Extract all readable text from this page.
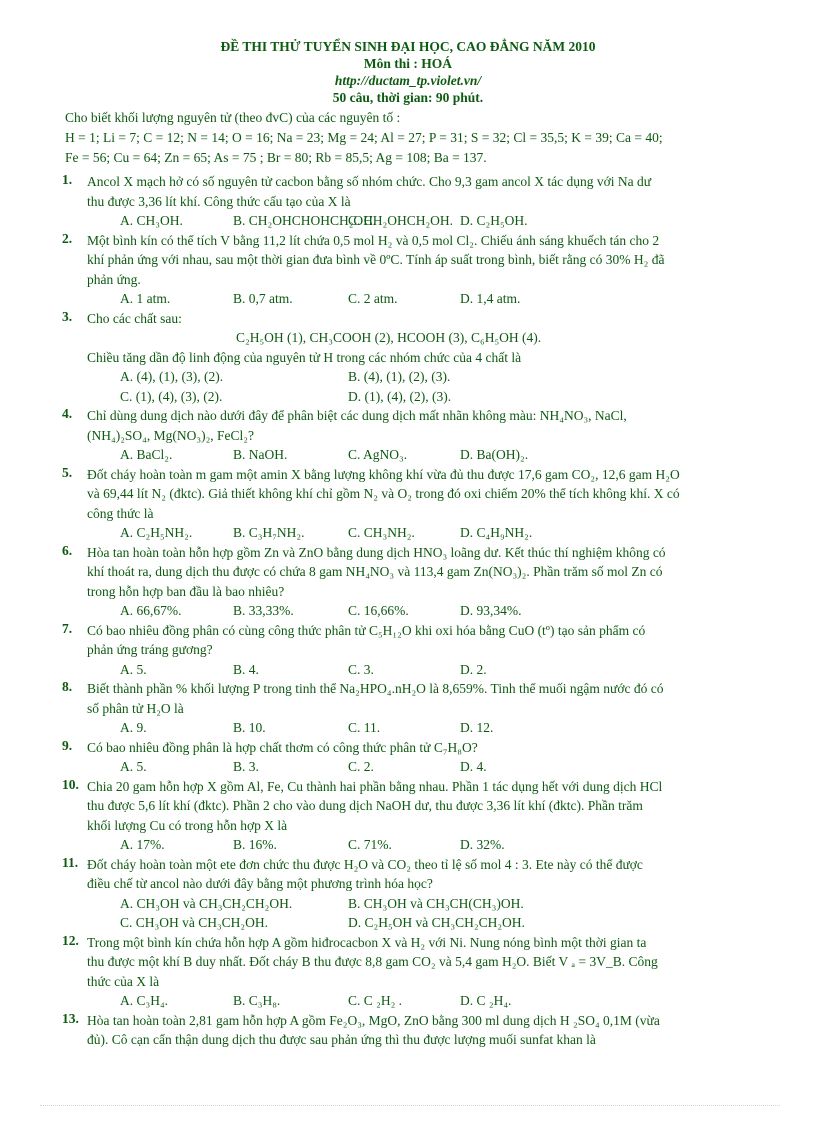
ĐỀ THI THỬ TUYỂN SINH ĐẠI HỌC, CAO ĐẲNG NĂM 2010
Môn thi : HOÁ
http://ductam_tp.violet.vn/
50 câu, thời gian: 90 phút.
Cho biết khối lượng nguyên tử (theo đvC) của các nguyên tố :
H = 1; Li = 7; C = 12; N = 14; O = 16; Na = 23; Mg = 24; Al = 27; P = 31; S = 32; Cl = 35,5; K = 39; Ca = 40;
Fe = 56; Cu = 64; Zn = 65; As = 75 ; Br = 80; Rb = 85,5; Ag = 108; Ba = 137.
1. Ancol X mạch hở có số nguyên tử cacbon bằng số nhóm chức. Cho 9,3 gam ancol X tác dụng với Na dư
thu được 3,36 lít khí. Công thức cấu tạo của X là
A. CH₃OH.	B. CH₂OHCHOHCH₂OH.
C. CH₂OHCH₂OH. D. C₂H₅OH.
2. Một bình kín có thể tích V bằng 11,2 lít chứa 0,5 mol H₂ và 0,5 mol Cl₂. Chiếu ánh sáng khuếch tán cho 2
khí phản ứng với nhau, sau một thời gian đưa bình về 0ºC. Tính áp suất trong bình, biết rằng có 30% H₂ đã
phản ứng.
A. 1 atm.	B. 0,7 atm.	C. 2 atm.	D. 1,4 atm.
3. Cho các chất sau:
C₂H₅OH (1), CH₃COOH (2), HCOOH (3), C₆H₅OH (4).
Chiều tăng dần độ linh động của nguyên tử H trong các nhóm chức của 4 chất là
A. (4), (1), (3), (2).	B. (4), (1), (2), (3).
C. (1), (4), (3), (2).	D. (1), (4), (2), (3).
4. Chỉ dùng dung dịch nào dưới đây để phân biệt các dung dịch mất nhãn không màu: NH₄NO₃, NaCl,
(NH₄)₂SO₄, Mg(NO₃)₂, FeCl₂?
A. BaCl₂.	B. NaOH.	C. AgNO₃.	D. Ba(OH)₂.
5. Đốt cháy hoàn toàn m gam một amin X bằng lượng không khí vừa đủ thu được 17,6 gam CO₂, 12,6 gam H₂O
và 69,44 lít N₂ (đktc). Giả thiết không khí chỉ gồm N₂ và O₂ trong đó oxi chiếm 20% thể tích không khí. X có
công thức là
A. C₂H₅NH₂.	B. C₃H₇NH₂.	C. CH₃NH₂.	D. C₄H₉NH₂.
6. Hòa tan hoàn toàn hỗn hợp gồm Zn và ZnO bằng dung dịch HNO₃ loãng dư. Kết thúc thí nghiệm không có
khí thoát ra, dung dịch thu được có chứa 8 gam NH₄NO₃ và 113,4 gam Zn(NO₃)₂. Phần trăm số mol Zn có
trong hỗn hợp ban đầu là bao nhiêu?
A. 66,67%.	B. 33,33%.	C. 16,66%.	D. 93,34%.
7. Có bao nhiêu đồng phân có cùng công thức phân tử C₅H₁₂O khi oxi hóa bằng CuO (tº) tạo sản phẩm có
phản ứng tráng gương?
A. 5.	B. 4.	C. 3.	D. 2.
8. Biết thành phần % khối lượng P trong tinh thể Na₂HPO₄.nH₂O là 8,659%. Tinh thể muối ngậm nước đó có
số phân tử H₂O là
A. 9.	B. 10.	C. 11.	D. 12.
9. Có bao nhiêu đồng phân là hợp chất thơm có công thức phân tử C₇H₈O?
A. 5.	B. 3.	C. 2.	D. 4.
10. Chia 20 gam hỗn hợp X gồm Al, Fe, Cu thành hai phần bằng nhau. Phần 1 tác dụng hết với dung dịch HCl
thu được 5,6 lít khí (đktc). Phần 2 cho vào dung dịch NaOH dư, thu được 3,36 lít khí (đktc). Phần trăm
khối lượng Cu có trong hỗn hợp X là
A. 17%.	B. 16%.	C. 71%.	D. 32%.
11. Đốt cháy hoàn toàn một ete đơn chức thu được H₂O và CO₂ theo tỉ lệ số mol 4 : 3. Ete này có thể được
điều chế từ ancol nào dưới đây bằng một phương trình hóa học?
A. CH₃OH và CH₃CH₂CH₂OH.	B. CH₃OH và CH₃CH(CH₃)OH.
C. CH₃OH và CH₃CH₂OH.	D. C₂H₅OH và CH₃CH₂CH₂OH.
12. Trong một bình kín chứa hỗn hợp A gồm hiđrocacbon X và H₂ với Ni. Nung nóng bình một thời gian ta
thu được một khí B duy nhất. Đốt cháy B thu được 8,8 gam CO₂ và 5,4 gam H₂O. Biết V ₐ = 3V_B. Công
thức của X là
A. C₃H₄.	B. C₃H₈.	C. C ₂H₂ .	D. C ₂H₄.
13. Hòa tan hoàn toàn 2,81 gam hỗn hợp A gồm Fe₂O₃, MgO, ZnO bằng 300 ml dung dịch H ₂SO₄ 0,1M (vừa
đủ). Cô cạn cẩn thận dung dịch thu được sau phản ứng thì thu được lượng muối sunfat khan là
